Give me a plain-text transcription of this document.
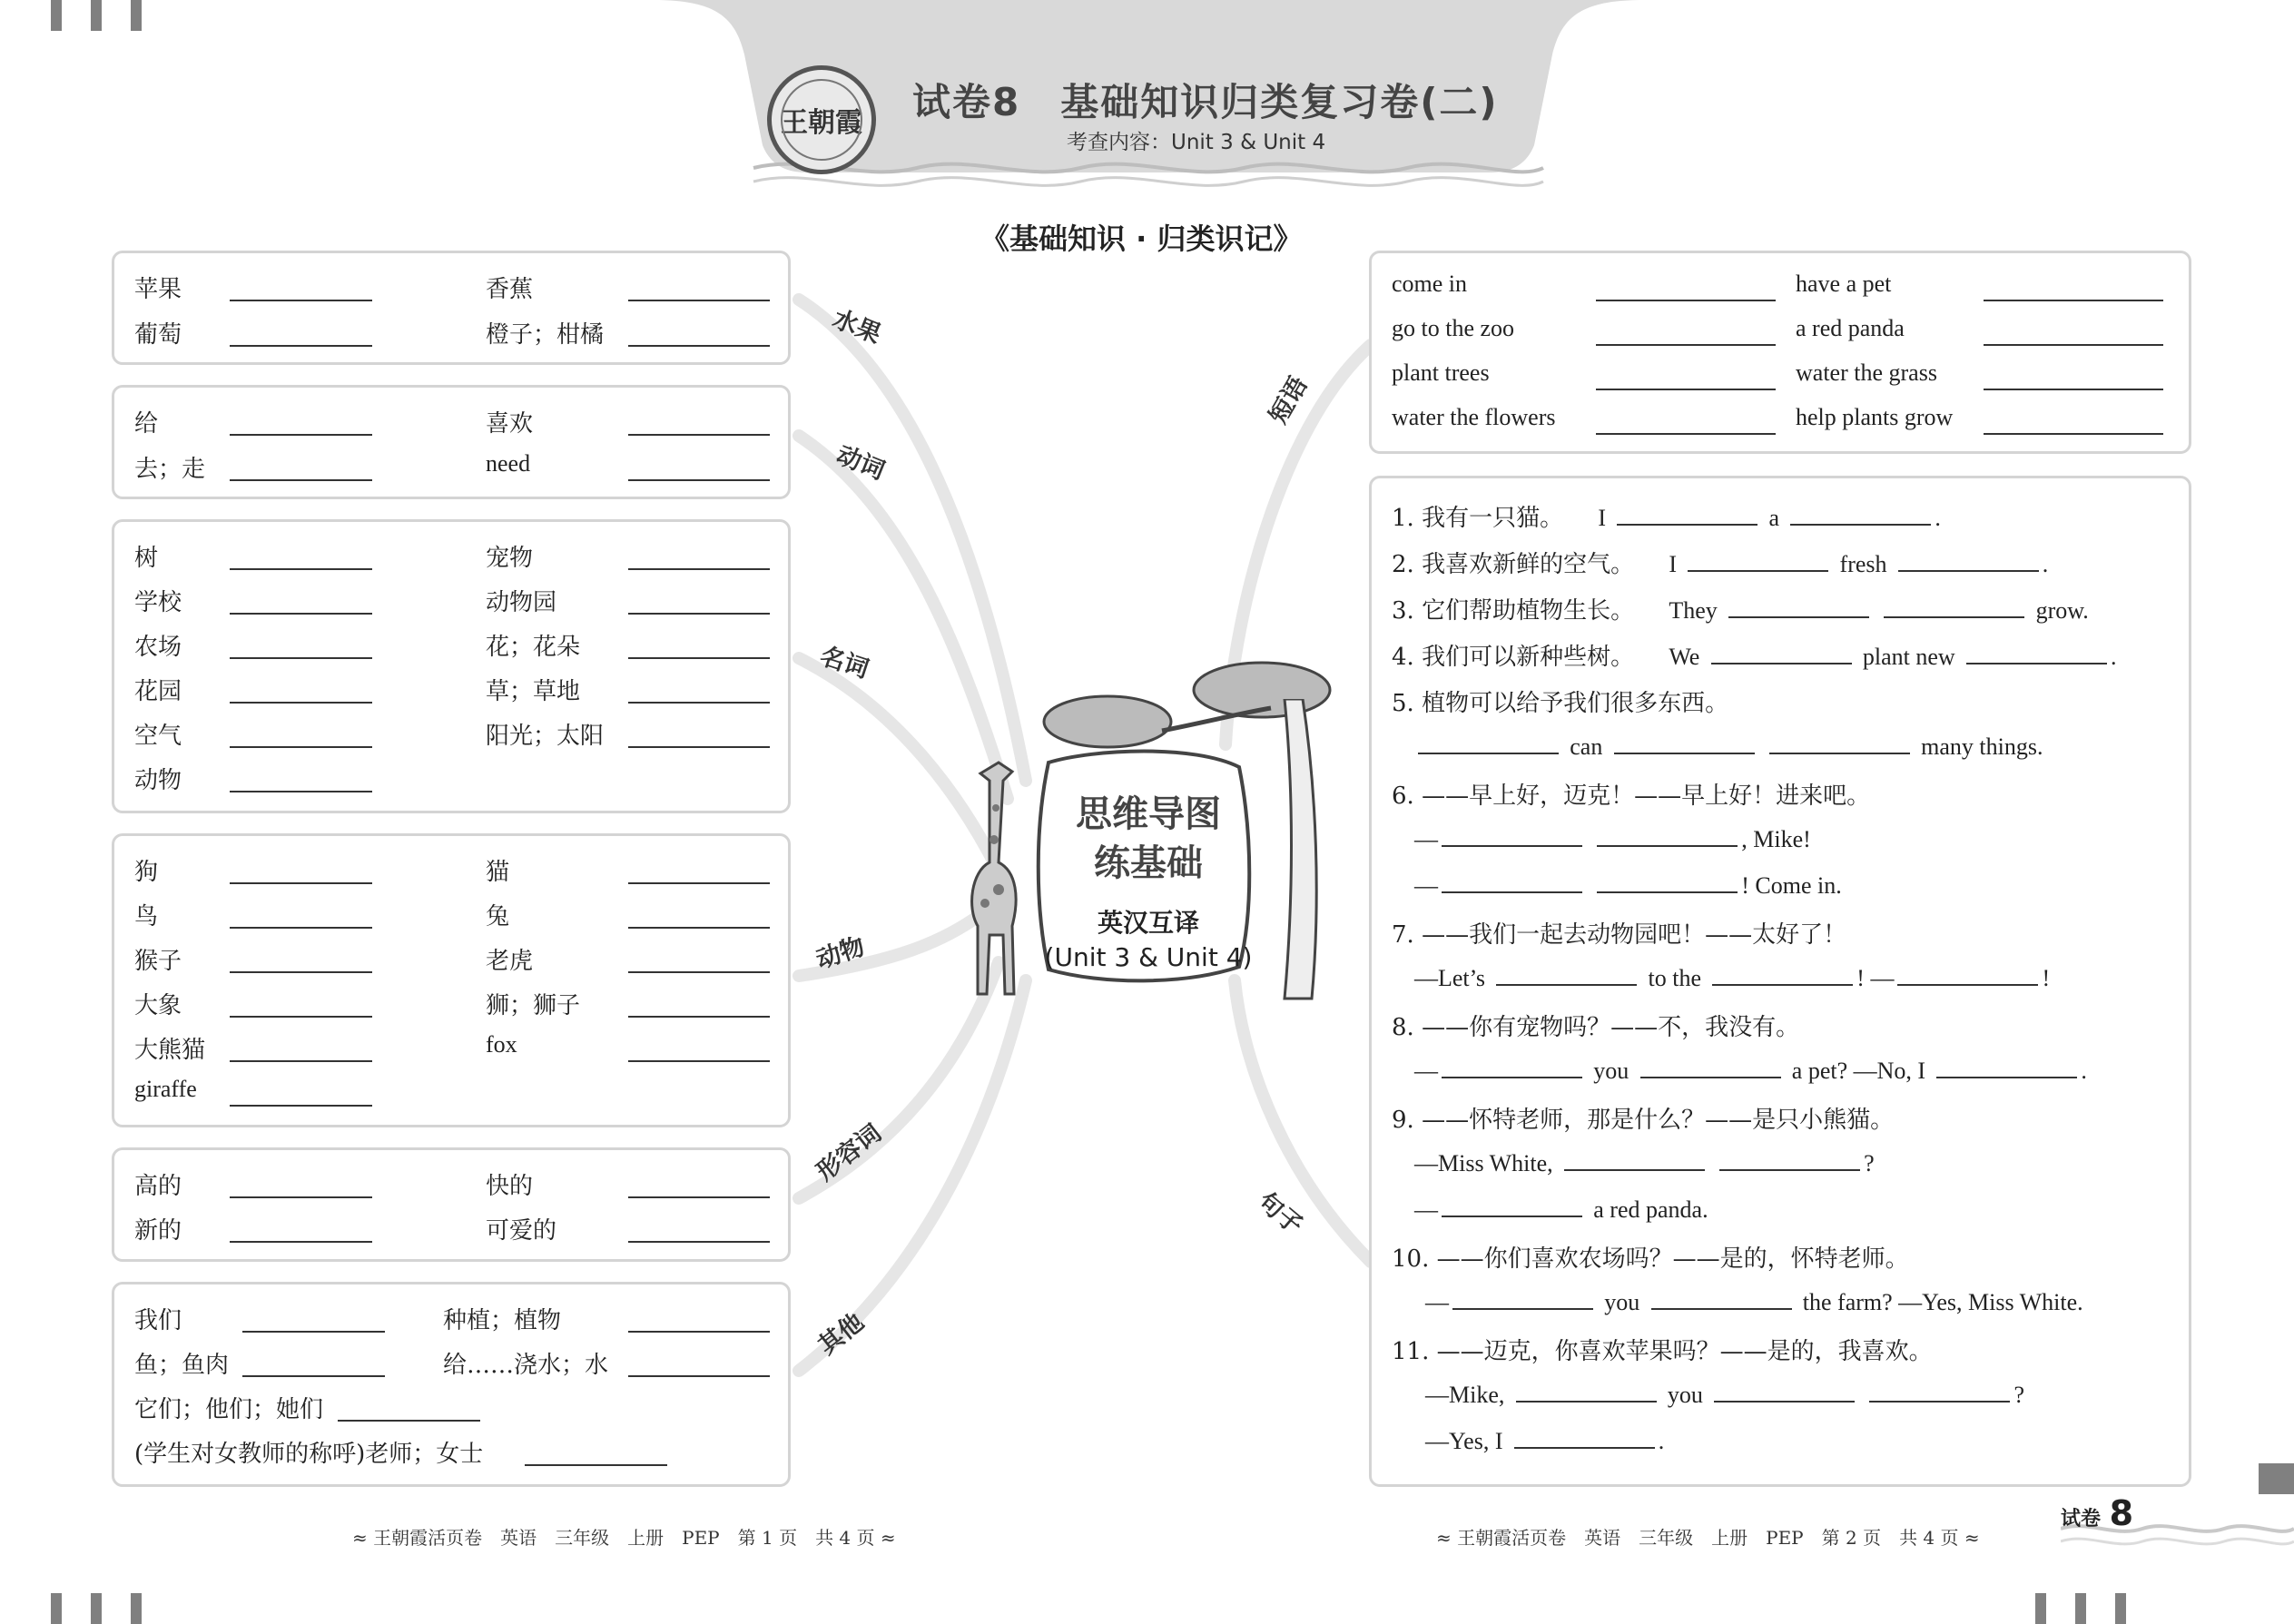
王朝霞 试卷8　基础知识归类复习卷(二)
考查内容：Unit 3 & Unit 4
《基础知识 · 归类识记》
水果
动词
名词
动物
形容词
其他
短语
句子
思维导图
练基础
英汉互译
(Unit 3 & Unit 4)
苹果	香蕉
葡萄	橙子；柑橘
给	喜欢
去；走	need
树	宠物
学校	动物园
农场	花；花朵
花园	草；草地
空气	阳光；太阳
动物
狗	猫
鸟	兔
猴子	老虎
大象	狮；狮子
大熊猫	fox
giraffe
高的	快的
新的	可爱的
我们	种植；植物
鱼；鱼肉	给……浇水；水
它们；他们；她们
(学生对女教师的称呼)老师；女士
come in	have a pet
go to the zoo	a red panda
plant trees	water the grass
water the flowers	help plants grow
1. 我有一只猫。 I	a	.
2. 我喜欢新鲜的空气。 I	fresh	.
3. 它们帮助植物生长。 They	grow.
4. 我们可以新种些树。 We	plant new	.
5. 植物可以给予我们很多东西。
can	many things.
6. ——早上好，迈克！——早上好！进来吧。
—	, Mike!
—	! Come in.
7. ——我们一起去动物园吧！——太好了！
—Let’s	to the	! —	!
8. ——你有宠物吗？——不，我没有。
—	you	a pet? —No, I	.
9. ——怀特老师，那是什么？——是只小熊猫。
—Miss White,	?
—	a red panda.
10. ——你们喜欢农场吗？——是的，怀特老师。
—	you	the farm? —Yes, Miss White.
11. ——迈克，你喜欢苹果吗？——是的，我喜欢。
—Mike,	you	?
—Yes, I	.
≈ 王朝霞活页卷　英语　三年级　上册　PEP　第 1 页　共 4 页 ≈	≈ 王朝霞活页卷　英语　三年级　上册　PEP　第 2 页　共 4 页 ≈
试卷 8
